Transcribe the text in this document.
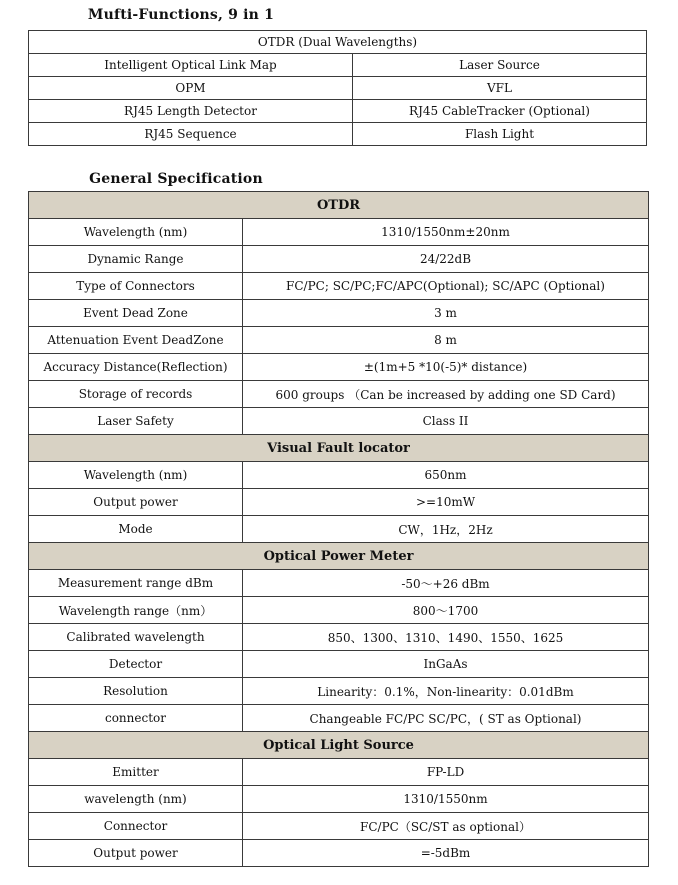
Mufti-Functions, 9 in 1
OTDR (Dual Wavelengths)	
Intelligent Optical Link Map	Laser Source
OPM	VFL
RJ45 Length Detector	RJ45 CableTracker (Optional)
RJ45 Sequence	Flash Light
General Specification
OTDR	
Wavelength (nm)	1310/1550nm±20nm
Dynamic Range	24/22dB
Type of Connectors	FC/PC; SC/PC;FC/APC(Optional); SC/APC (Optional)
Event Dead Zone	3 m
Attenuation Event DeadZone	8 m
Accuracy Distance(Reflection)	±(1m+5 *10(-5)* distance)
Storage of records	600 groups （Can be increased by adding one SD Card)
Laser Safety	Class II
Visual Fault locator	
Wavelength (nm)	650nm
Output power	>=10mW
Mode	CW，1Hz，2Hz
Optical Power Meter	
Measurement range dBm	-50～+26 dBm
Wavelength range（nm）	800～1700
Calibrated wavelength	850、1300、1310、1490、1550、1625
Detector	InGaAs
Resolution	Linearity：0.1%，Non-linearity：0.01dBm
connector	Changeable FC/PC SC/PC，( ST as Optional)
Optical Light Source	
Emitter	FP-LD
wavelength (nm)	1310/1550nm
Connector	FC/PC（SC/ST as optional）
Output power	=-5dBm
